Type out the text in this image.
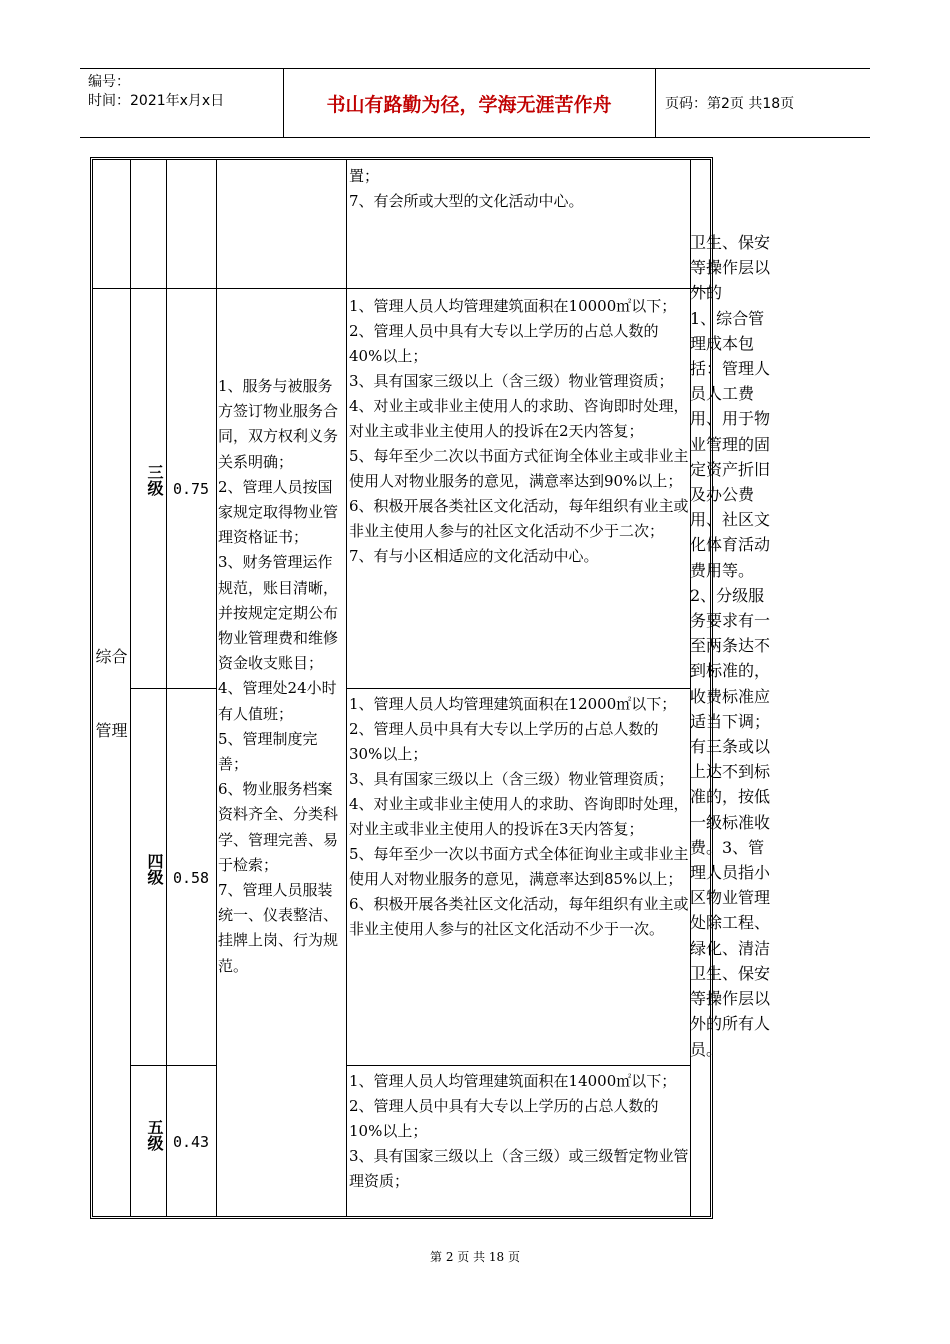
编号：
时间：2021年x月x日	书山有路勤为径，学海无涯苦作舟	页码：第2页 共18页
置；
7、有会所或大型的文化活动中心。
综合管理
三级 0.75
四级 0.58
五级 0.43
1、服务与被服务方签订物业服务合同，双方权利义务关系明确；
2、管理人员按国家规定取得物业管理资格证书；
3、财务管理运作规范，账目清晰，并按规定定期公布物业管理费和维修资金收支账目；
4、管理处24小时有人值班；
5、管理制度完善；
6、物业服务档案资料齐全、分类科学、管理完善、易于检索；
7、管理人员服装统一、仪表整洁、挂牌上岗、行为规范。
1、管理人员人均管理建筑面积在10000㎡以下；
2、管理人员中具有大专以上学历的占总人数的40%以上；
3、具有国家三级以上（含三级）物业管理资质；
4、对业主或非业主使用人的求助、咨询即时处理，对业主或非业主使用人的投诉在2天内答复；
5、每年至少二次以书面方式征询全体业主或非业主使用人对物业服务的意见，满意率达到90%以上；
6、积极开展各类社区文化活动，每年组织有业主或非业主使用人参与的社区文化活动不少于二次；
7、有与小区相适应的文化活动中心。
1、管理人员人均管理建筑面积在12000㎡以下；
2、管理人员中具有大专以上学历的占总人数的30%以上；
3、具有国家三级以上（含三级）物业管理资质；
4、对业主或非业主使用人的求助、咨询即时处理，对业主或非业主使用人的投诉在3天内答复；
5、每年至少一次以书面方式全体征询业主或非业主使用人对物业服务的意见，满意率达到85%以上；
6、积极开展各类社区文化活动，每年组织有业主或非业主使用人参与的社区文化活动不少于一次。
1、管理人员人均管理建筑面积在14000㎡以下；
2、管理人员中具有大专以上学历的占总人数的10%以上；
3、具有国家三级以上（含三级）或三级暂定物业管理资质；
卫生、保安等操作层以外的
1、综合管理成本包括：管理人员人工费用、用于物业管理的固定资产折旧及办公费用、社区文化体育活动费用等。2、分级服务要求有一至两条达不到标准的，收费标准应适当下调；有三条或以上达不到标准的，按低一级标准收费。3、管理人员指小区物业管理处除工程、绿化、清洁卫生、保安等操作层以外的所有人员。
第 2 页 共 18 页
